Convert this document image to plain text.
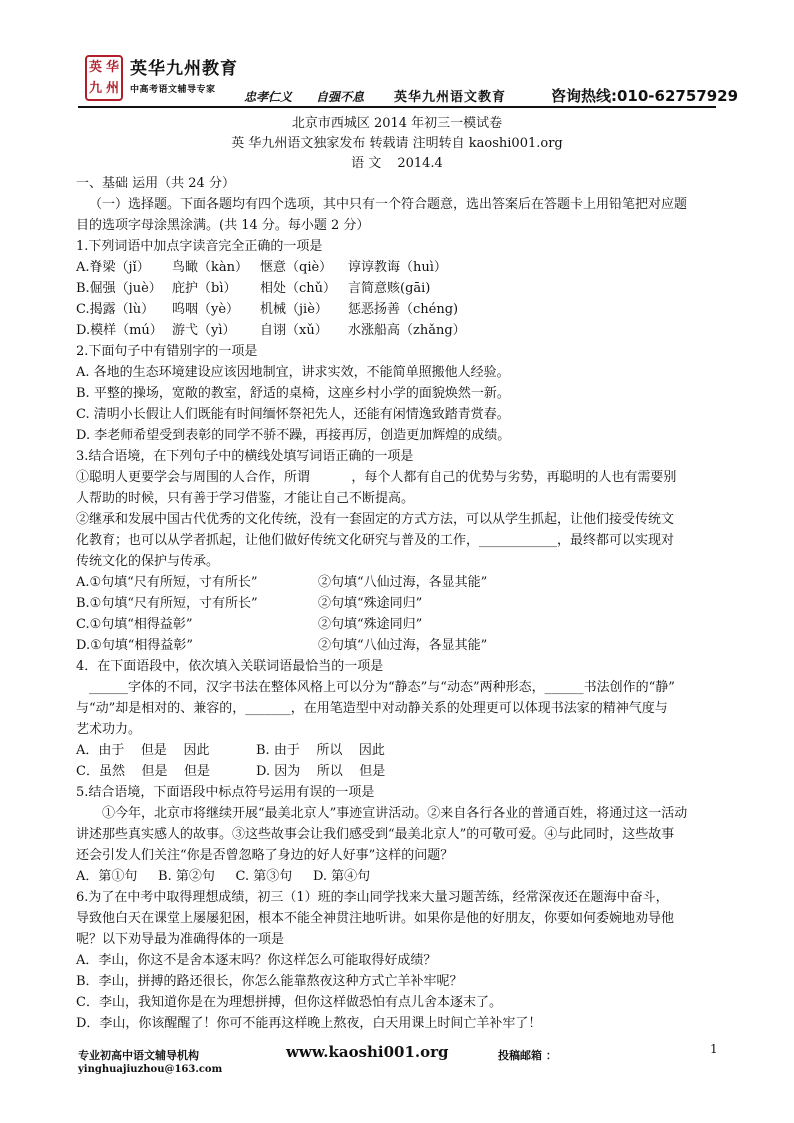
英 华
九 州
英华九州教育
中高考语文辅导专家 忠孝仁义 自强不息 英华九州语文教育	咨询热线:010-62757929
北京市西城区 2014 年初三一模试卷
英 华九州语文独家发布 转载请 注明转自 kaoshi001.org
语 文 2014.4

一、基础 运用（共 24 分）

（一）选择题。下面各题均有四个选项，其中只有一个符合题意，选出答案后在答题卡上用铅笔把对应题

目的选项字母涂黑涂满。(共 14 分。每小题 2 分）

1.下列词语中加点字读音完全正确的一项是

A.脊梁（jǐ）	鸟瞰（kàn） 惬意（qiè）	谆谆教诲（huì）
B.倔强（juè） 庇护（bì）	相处（chǔ） 言简意赅(gāi)
C.揭露（lù）	呜咽（yè）	机械（jiè）	惩恶扬善（chéng)
D.模样（mú） 游弋（yì）	自诩（xǔ）	水涨船高（zhǎng）

2.下面句子中有错别字的一项是

A. 各地的生态环境建设应该因地制宜，讲求实效，不能简单照搬他人经验。

B. 平整的操场，宽敞的教室，舒适的桌椅，这座乡村小学的面貌焕然一新。

C. 清明小长假让人们既能有时间缅怀祭祀先人，还能有闲情逸致踏青赏春。

D. 李老师希望受到表彰的同学不骄不躁，再接再厉，创造更加辉煌的成绩。

3.结合语境，在下列句子中的横线处填写词语正确的一项是

①聪明人更要学会与周围的人合作，所谓          ，每个人都有自己的优势与劣势，再聪明的人也有需要别

人帮助的时候，只有善于学习借鉴，才能让自己不断提高。

②继承和发展中国古代优秀的文化传统，没有一套固定的方式方法，可以从学生抓起，让他们接受传统文

化教育；也可以从学者抓起，让他们做好传统文化研究与普及的工作，____________，最终都可以实现对

传统文化的保护与传承。

A.①句填“尺有所短，寸有所长”	②句填“八仙过海，各显其能”
B.①句填“尺有所短，寸有所长”	②句填“殊途同归”
C.①句填“相得益彰”	②句填“殊途同归”
D.①句填“相得益彰”	②句填“八仙过海，各显其能”

4．在下面语段中，依次填入关联词语最恰当的一项是

______字体的不同，汉字书法在整体风格上可以分为“静态”与“动态”两种形态，______书法创作的“静”

与“动”却是相对的、兼容的，_______，在用笔造型中对动静关系的处理更可以体现书法家的精神气度与

艺术功力。

A．由于    但是    因此	B. 由于    所以    因此
C．虽然    但是    但是	D. 因为    所以    但是

5.结合语境，下面语段中标点符号运用有误的一项是

①今年，北京市将继续开展“最美北京人”事迹宣讲活动。②来自各行各业的普通百姓，将通过这一活动

讲述那些真实感人的故事。③这些故事会让我们感受到“最美北京人”的可敬可爱。④与此同时，这些故事

还会引发人们关注“你是否曾忽略了身边的好人好事”这样的问题？

A．第①句     B. 第②句     C. 第③句     D. 第④句

6.为了在中考中取得理想成绩，初三（1）班的李山同学找来大量习题苦练，经常深夜还在题海中奋斗，

导致他白天在课堂上屡屡犯困，根本不能全神贯注地听讲。如果你是他的好朋友，你要如何委婉地劝导他

呢？以下劝导最为准确得体的一项是

A．李山，你这不是舍本逐末吗？你这样怎么可能取得好成绩？

B．李山，拼搏的路还很长，你怎么能靠熬夜这种方式亡羊补牢呢？

C．李山，我知道你是在为理想拼搏，但你这样做恐怕有点儿舍本逐末了。

D．李山，你该醒醒了！你可不能再这样晚上熬夜，白天用课上时间亡羊补牢了！

专业初高中语文辅导机构
yinghuajiuzhou@163.com
www.kaoshi001.org	投稿邮箱 ：	1
